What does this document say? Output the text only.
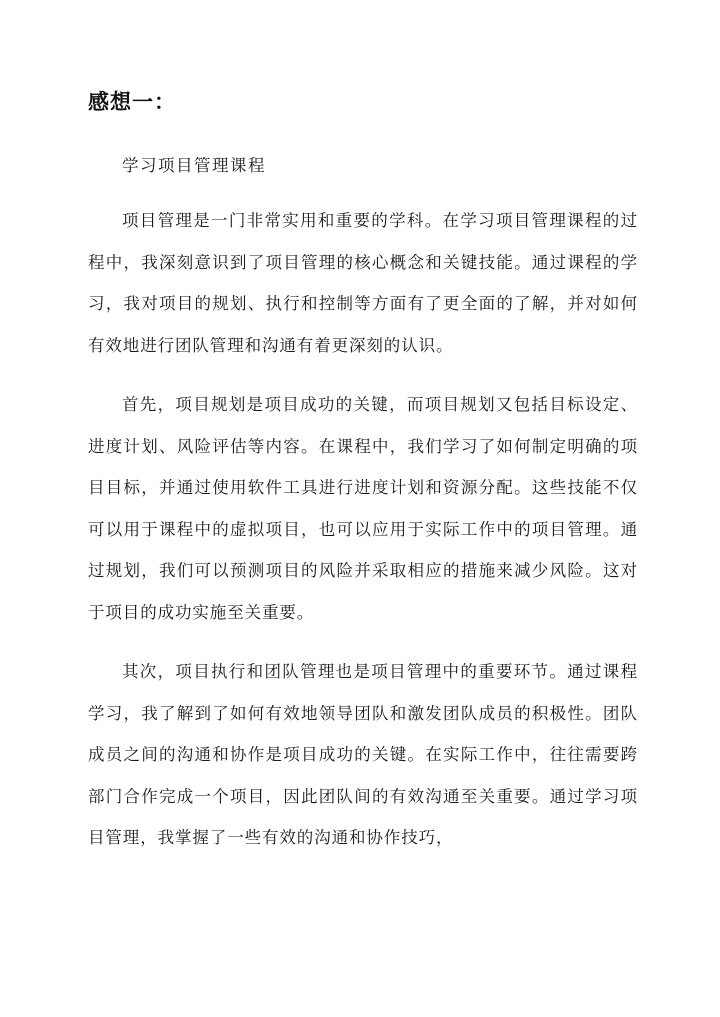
感想一：

学习项目管理课程

项目管理是一门非常实用和重要的学科。在学习项目管理课程的过程中，我深刻意识到了项目管理的核心概念和关键技能。通过课程的学习，我对项目的规划、执行和控制等方面有了更全面的了解，并对如何有效地进行团队管理和沟通有着更深刻的认识。

首先，项目规划是项目成功的关键，而项目规划又包括目标设定、进度计划、风险评估等内容。在课程中，我们学习了如何制定明确的项目目标，并通过使用软件工具进行进度计划和资源分配。这些技能不仅可以用于课程中的虚拟项目，也可以应用于实际工作中的项目管理。通过规划，我们可以预测项目的风险并采取相应的措施来减少风险。这对于项目的成功实施至关重要。

其次，项目执行和团队管理也是项目管理中的重要环节。通过课程学习，我了解到了如何有效地领导团队和激发团队成员的积极性。团队成员之间的沟通和协作是项目成功的关键。在实际工作中，往往需要跨部门合作完成一个项目，因此团队间的有效沟通至关重要。通过学习项目管理，我掌握了一些有效的沟通和协作技巧，
